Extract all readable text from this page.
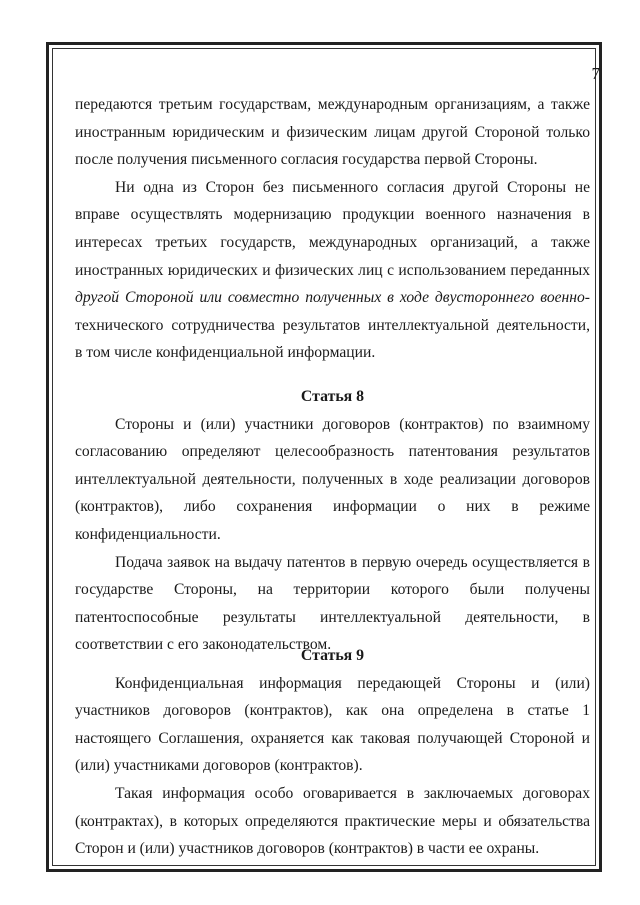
7

передаются третьим государствам, международным организациям, а также

иностранным юридическим и физическим лицам другой Стороной только

после получения письменного согласия государства первой Стороны.

Ни одна из Сторон без письменного согласия другой Стороны не

вправе осуществлять модернизацию продукции военного назначения в

интересах третьих государств, международных организаций, а также

иностранных юридических и физических лиц с использованием переданных

другой Стороной или совместно полученных в ходе двустороннего военно-

технического сотрудничества результатов интеллектуальной деятельности,

в том числе конфиденциальной информации.

Статья 8

Стороны и (или) участники договоров (контрактов) по взаимному

согласованию определяют целесообразность патентования результатов

интеллектуальной деятельности, полученных в ходе реализации договоров

(контрактов), либо сохранения информации о них в режиме

конфиденциальности.

Подача заявок на выдачу патентов в первую очередь осуществляется в

государстве Стороны, на территории которого были получены

патентоспособные результаты интеллектуальной деятельности, в

соответствии с его законодательством.

Статья 9

Конфиденциальная информация передающей Стороны и (или)

участников договоров (контрактов), как она определена в статье 1

настоящего Соглашения, охраняется как таковая получающей Стороной и

(или) участниками договоров (контрактов).

Такая информация особо оговаривается в заключаемых договорах

(контрактах), в которых определяются практические меры и обязательства

Сторон и (или) участников договоров (контрактов) в части ее охраны.
